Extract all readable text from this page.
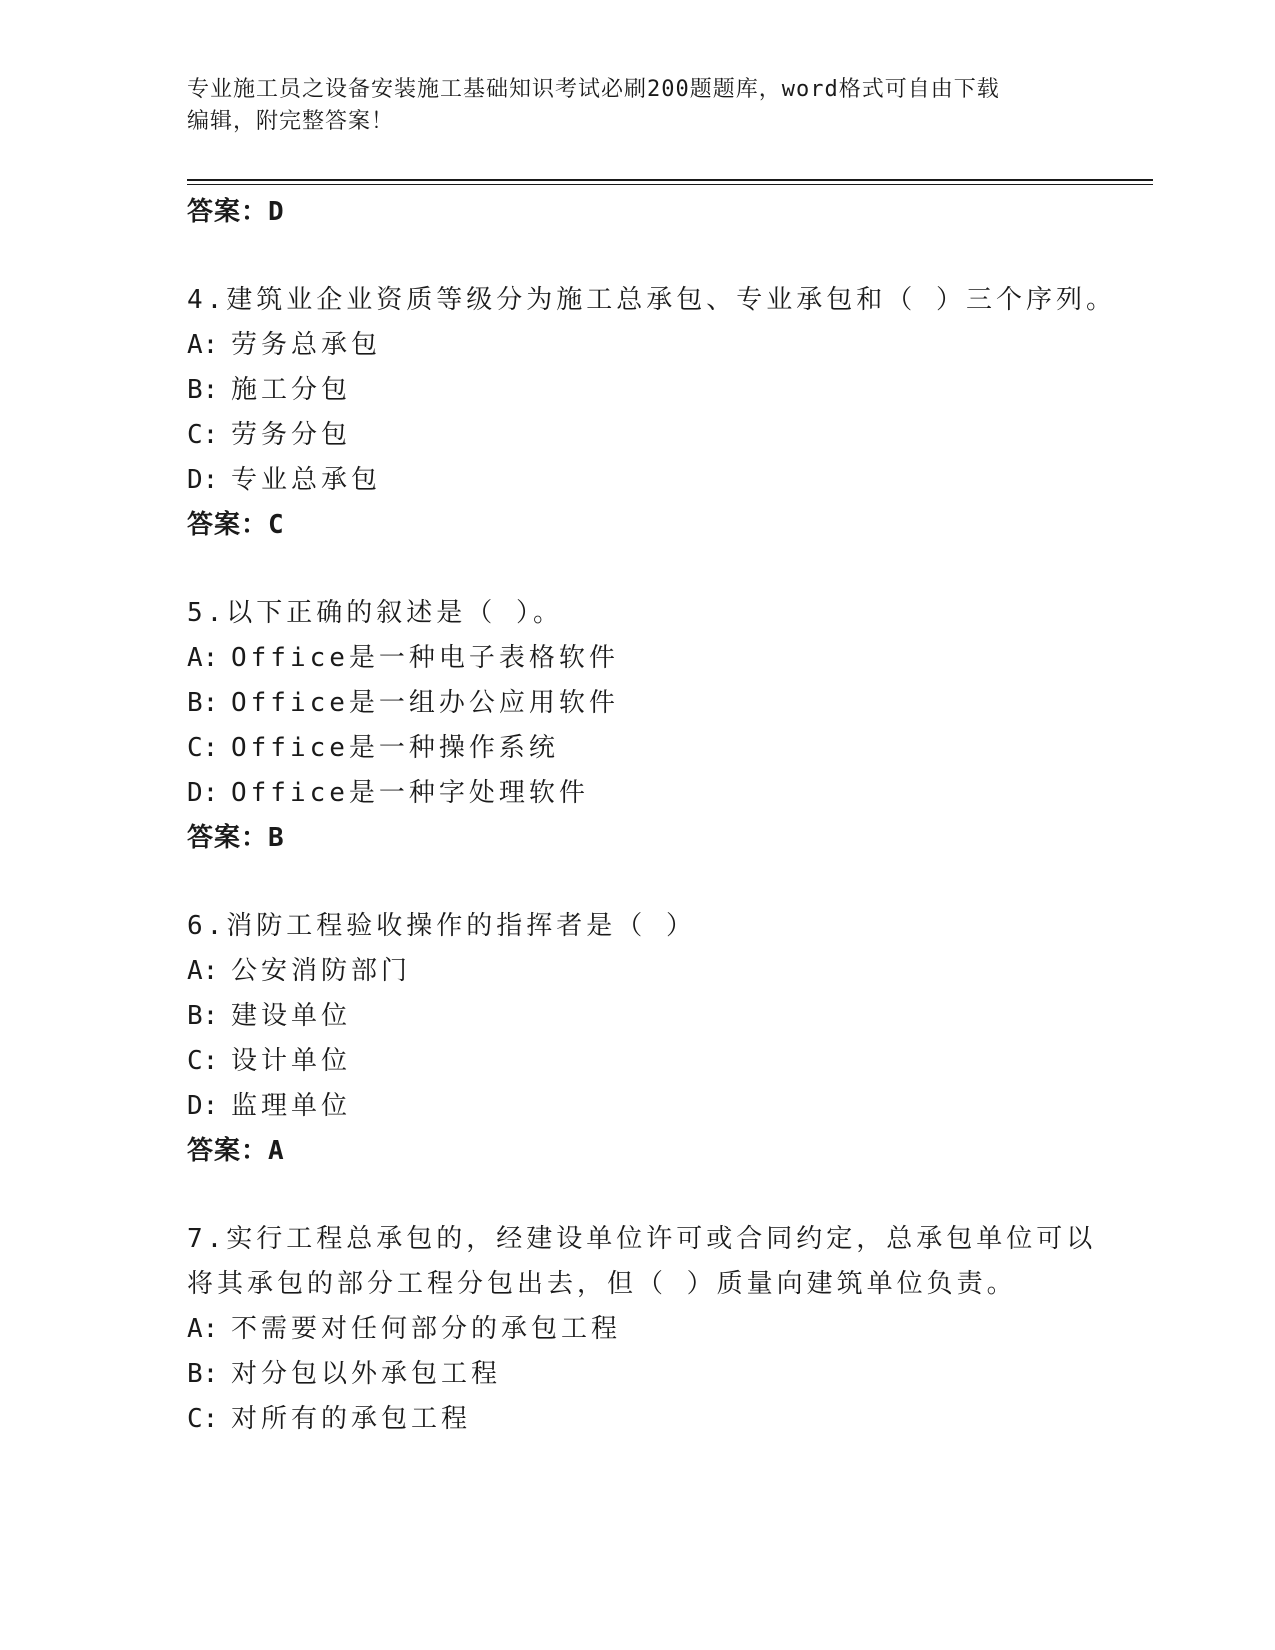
专业施工员之设备安装施工基础知识考试必刷200题题库，word格式可自由下载
编辑，附完整答案！
答案：D
4.建筑业企业资质等级分为施工总承包、专业承包和（ ）三个序列。
A: 劳务总承包
B: 施工分包
C: 劳务分包
D: 专业总承包
答案：C
5.以下正确的叙述是（ ）。
A: Office是一种电子表格软件
B: Office是一组办公应用软件
C: Office是一种操作系统
D: Office是一种字处理软件
答案：B
6.消防工程验收操作的指挥者是（ ）
A: 公安消防部门
B: 建设单位
C: 设计单位
D: 监理单位
答案：A
7.实行工程总承包的，经建设单位许可或合同约定，总承包单位可以
将其承包的部分工程分包出去，但（ ）质量向建筑单位负责。
A: 不需要对任何部分的承包工程
B: 对分包以外承包工程
C: 对所有的承包工程
